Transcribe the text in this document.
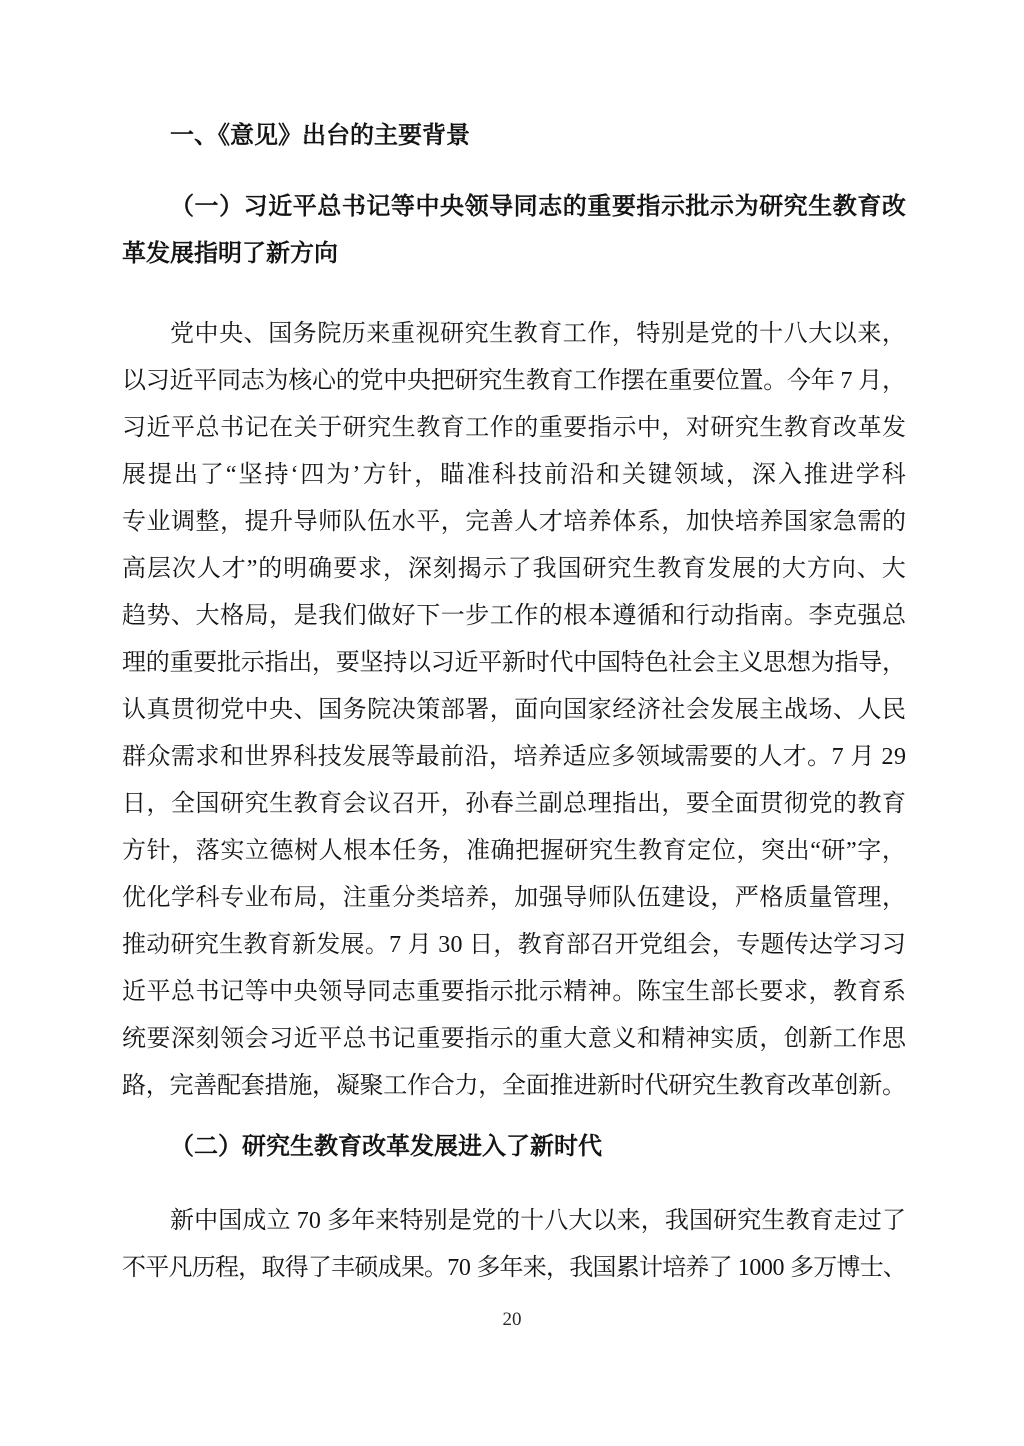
一、《意见》出台的主要背景
（ 一 ） 习 近 平 总 书 记 等 中 央 领 导 同 志 的 重 要 指 示 批 示 为 研 究 生 教 育 改
革发展指明了新方向
党 中 央 、 国 务 院 历 来 重 视 研 究 生 教 育 工 作 ， 特 别 是 党 的 十 八 大 以 来 ，
以 习 近 平 同 志 为 核 心 的 党 中 央 把 研 究 生 教 育 工 作 摆 在 重 要 位 置 。 今 年
7
月 ，
习 近 平 总 书 记 在 关 于 研 究 生 教 育 工 作 的 重 要 指 示 中 ， 对 研 究 生 教 育 改 革 发
展 提 出 了 “ 坚 持 ‘ 四 为 ’ 方 针 ， 瞄 准 科 技 前 沿 和 关 键 领 域 ， 深 入 推 进 学 科
专 业 调 整 ， 提 升 导 师 队 伍 水 平 ， 完 善 人 才 培 养 体 系 ， 加 快 培 养 国 家 急 需 的
高 层 次 人 才 ” 的 明 确 要 求 ， 深 刻 揭 示 了 我 国 研 究 生 教 育 发 展 的 大 方 向 、 大
趋 势 、 大 格 局 ， 是 我 们 做 好 下 一 步 工 作 的 根 本 遵 循 和 行 动 指 南 。 李 克 强 总
理 的 重 要 批 示 指 出 ， 要 坚 持 以 习 近 平 新 时 代 中 国 特 色 社 会 主 义 思 想 为 指 导 ，
认 真 贯 彻 党 中 央 、 国 务 院 决 策 部 署 ， 面 向 国 家 经 济 社 会 发 展 主 战 场 、 人 民
群 众 需 求 和 世 界 科 技 发 展 等 最 前 沿 ， 培 养 适 应 多 领 域 需 要 的 人 才 。 7
月
2 9
日 ， 全 国 研 究 生 教 育 会 议 召 开 ， 孙 春 兰 副 总 理 指 出 ， 要 全 面 贯 彻 党 的 教 育
方 针 ， 落 实 立 德 树 人 根 本 任 务 ， 准 确 把 握 研 究 生 教 育 定 位 ， 突 出 “ 研 ” 字 ，
优 化 学 科 专 业 布 局 ， 注 重 分 类 培 养 ， 加 强 导 师 队 伍 建 设 ， 严 格 质 量 管 理 ，
推 动 研 究 生 教 育 新 发 展 。 7
月
3 0
日 ， 教 育 部 召 开 党 组 会 ， 专 题 传 达 学 习 习
近 平 总 书 记 等 中 央 领 导 同 志 重 要 指 示 批 示 精 神 。 陈 宝 生 部 长 要 求 ， 教 育 系
统 要 深 刻 领 会 习 近 平 总 书 记 重 要 指 示 的 重 大 意 义 和 精 神 实 质 ， 创 新 工 作 思
路 ， 完 善 配 套 措 施 ， 凝 聚 工 作 合 力 ， 全 面 推 进 新 时 代 研 究 生 教 育 改 革 创 新 。
（二）研究生教育改革发展进入了新时代
新 中 国 成 立
7 0
多 年 来 特 别 是 党 的 十 八 大 以 来 ， 我 国 研 究 生 教 育 走 过 了
不 平 凡 历 程 ， 取 得 了 丰 硕 成 果 。 7 0
多 年 来 ， 我 国 累 计 培 养 了
1 0 0 0
多 万 博 士 、
20
